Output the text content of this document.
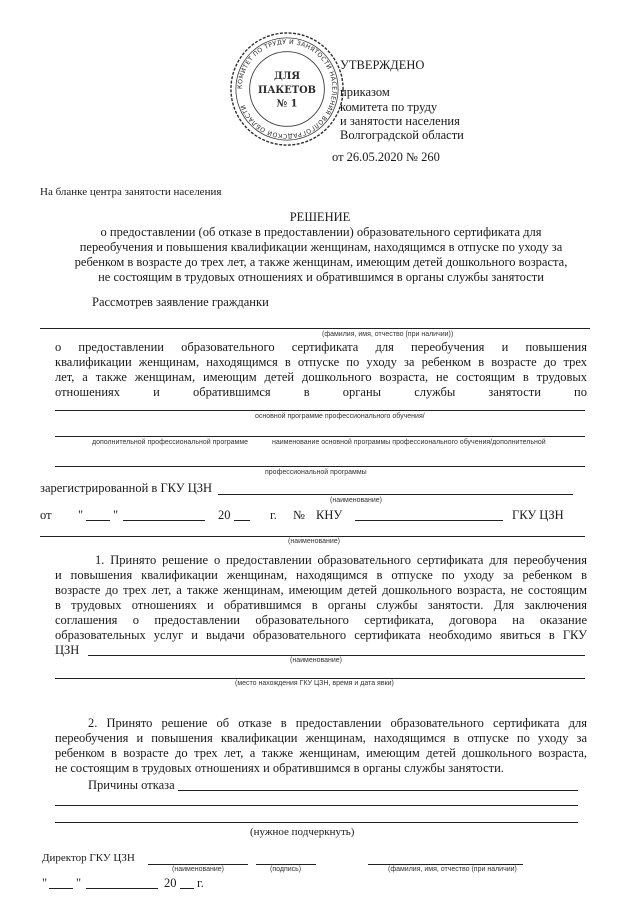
КОМИТЕТ ПО ТРУДУ И ЗАНЯТОСТИ НАСЕЛЕНИЯ ВОЛГОГРАДСКОЙ ОБЛАСТИ
ДЛЯ
ПАКЕТОВ
№ 1
УТВЕРЖДЕНО
приказом
комитета по труду
и занятости населения
Волгоградской области
от 26.05.2020 № 260
На бланке центра занятости населения
РЕШЕНИЕ
о предоставлении (об отказе в предоставлении) образовательного сертификата для
переобучения и повышения квалификации женщинам, находящимся в отпуске по уходу за
ребенком в возрасте до трех лет, а также женщинам, имеющим детей дошкольного возраста,
не состоящим в трудовых отношениях и обратившимся в органы службы занятости
Рассмотрев заявление гражданки
(фамилия, имя, отчество (при наличии))
о предоставлении образовательного сертификата для переобучения и повышения
квалификации женщинам, находящимся в отпуске по уходу за ребенком в возрасте до трех
лет, а также женщинам, имеющим детей дошкольного возраста, не состоящим в трудовых
отношениях и обратившимся в органы службы занятости по
основной программе профессионального обучения/
дополнительной профессиональной программе	наименование основной программы профессионального обучения/дополнительной
профессиональной программы
зарегистрированной в ГКУ ЦЗН
(наименование)
от " "	20	г. № КНУ	ГКУ ЦЗН
(наименование)
1. Принято решение о предоставлении образовательного сертификата для переобучения
и повышения квалификации женщинам, находящимся в отпуске по уходу за ребенком в
возрасте до трех лет, а также женщинам, имеющим детей дошкольного возраста, не состоящим
в трудовых отношениях и обратившимся в органы службы занятости. Для заключения
соглашения о предоставлении образовательного сертификата, договора на оказание
образовательных услуг и выдачи образовательного сертификата необходимо явиться в ГКУ
ЦЗН
(наименование)
(место нахождения ГКУ ЦЗН, время и дата явки)
2. Принято решение об отказе в предоставлении образовательного сертификата для
переобучения и повышения квалификации женщинам, находящимся в отпуске по уходу за
ребенком в возрасте до трех лет, а также женщинам, имеющим детей дошкольного возраста,
не состоящим в трудовых отношениях и обратившимся в органы службы занятости.
Причины отказа
(нужное подчеркнуть)
Директор ГКУ ЦЗН
(наименование)	(подпись)	(фамилия, имя, отчество (при наличии)
" "	20 г.
